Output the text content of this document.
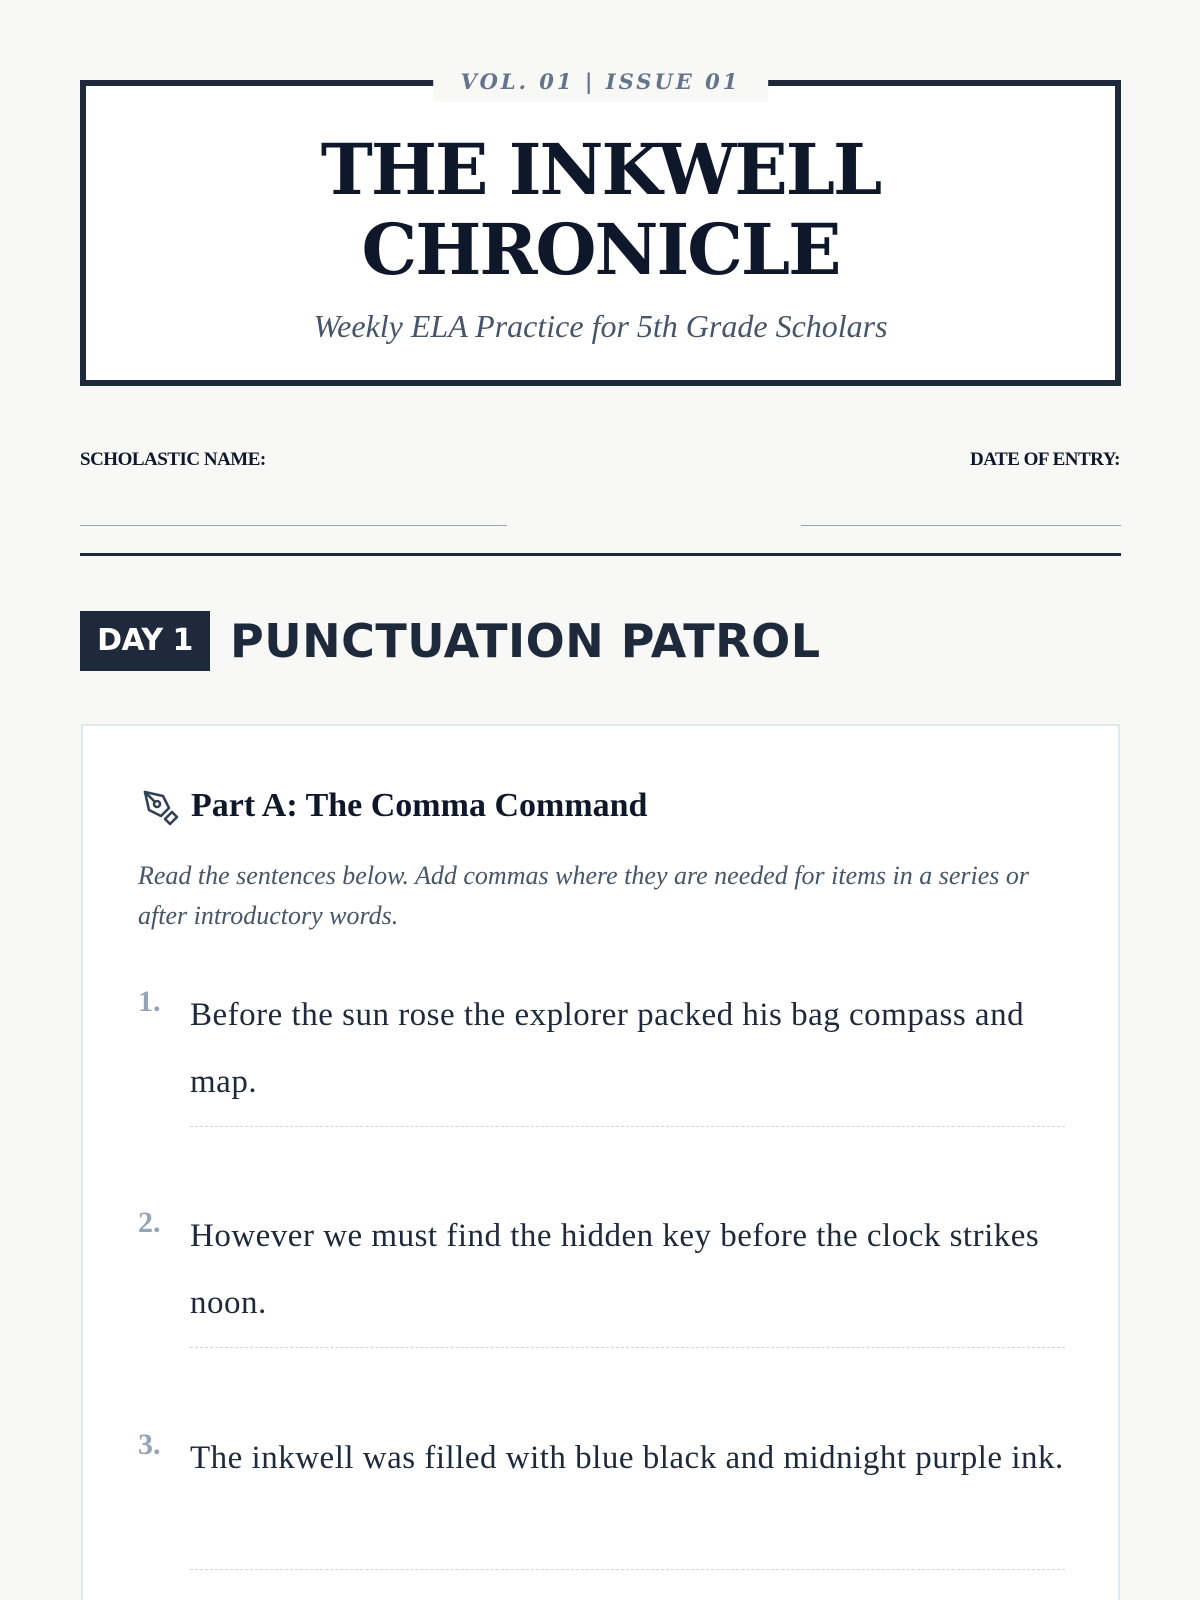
VOL. 01 | ISSUE 01
THE INKWELL
CHRONICLE
Weekly ELA Practice for 5th Grade Scholars
SCHOLASTIC NAME:	DATE OF ENTRY:
DAY 1 PUNCTUATION PATROL
Part A: The Comma Command
Read the sentences below. Add commas where they are needed for items in a series or after introductory words.
1. Before the sun rose the explorer packed his bag compass and map.
2. However we must find the hidden key before the clock strikes noon.
3. The inkwell was filled with blue black and midnight purple ink.
